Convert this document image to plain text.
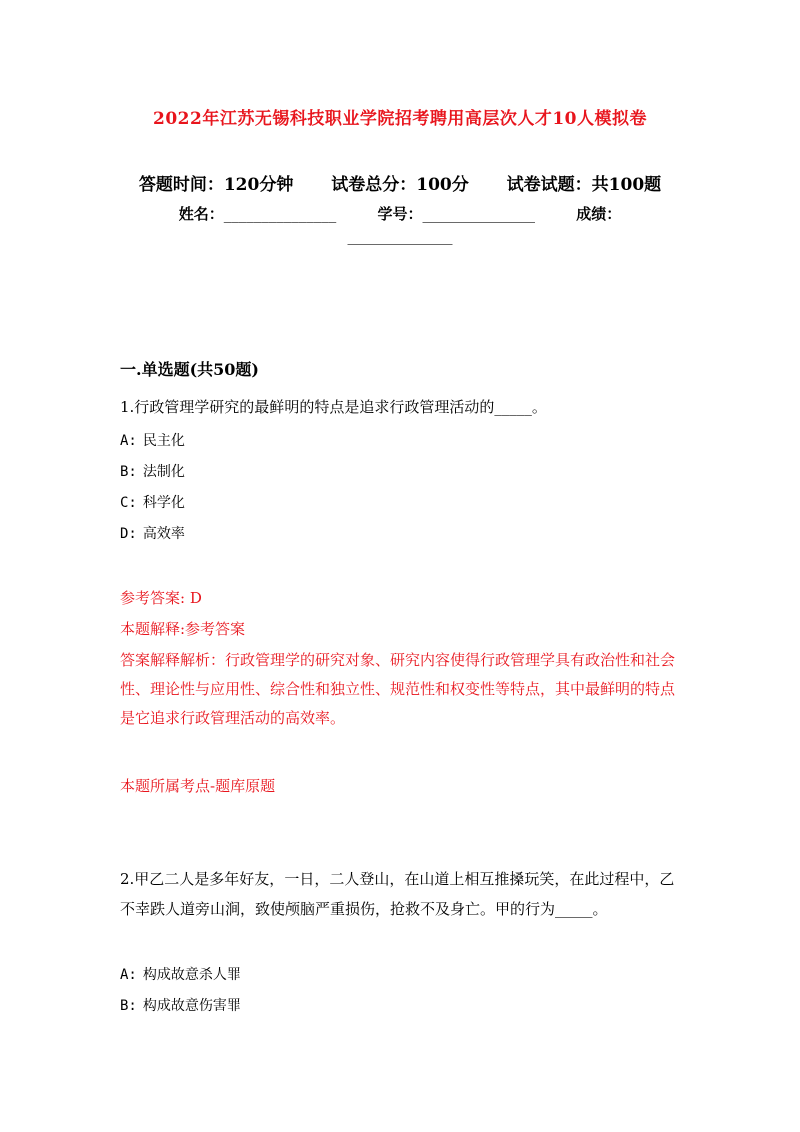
2022年江苏无锡科技职业学院招考聘用高层次人才10人模拟卷
答题时间：120分钟 试卷总分：100分 试卷试题：共100题
姓名：_______________	学号：_______________	成绩：
______________
一.单选题(共50题)
1.行政管理学研究的最鲜明的特点是追求行政管理活动的_____。
A: 民主化
B: 法制化
C: 科学化
D: 高效率
参考答案: D
本题解释:参考答案
答案解释解析：行政管理学的研究对象、研究内容使得行政管理学具有政治性和社会性、理论性与应用性、综合性和独立性、规范性和权变性等特点，其中最鲜明的特点是它追求行政管理活动的高效率。
本题所属考点-题库原题
2.甲乙二人是多年好友，一日，二人登山，在山道上相互推搡玩笑，在此过程中，乙不幸跌人道旁山涧，致使颅脑严重损伤，抢救不及身亡。甲的行为_____。
A: 构成故意杀人罪
B: 构成故意伤害罪
